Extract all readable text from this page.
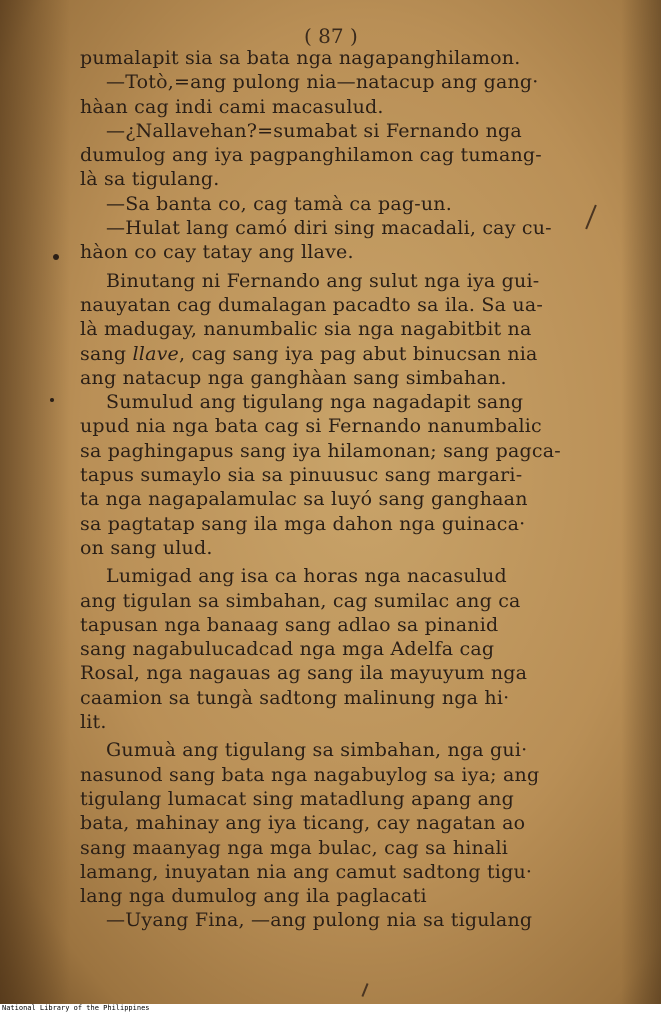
( 87 )

pumalapit sia sa bata nga nagapanghilamon.

—Totò,=ang pulong nia—natacup ang gang·

hàan cag indi cami macasulud.

—¿Nallavehan?=sumabat si Fernando nga

dumulog ang iya pagpanghilamon cag tumang-

là sa tigulang.

—Sa banta co, cag tamà ca pag-un.

—Hulat lang camó diri sing macadali, cay cu-

hàon co cay tatay ang llave.

Binutang ni Fernando ang sulut nga iya gui-

nauyatan cag dumalagan pacadto sa ila. Sa ua-

là madugay, nanumbalic sia nga nagabitbit na

sang llave, cag sang iya pag abut binucsan nia

ang natacup nga ganghàan sang simbahan.

Sumulud ang tigulang nga nagadapit sang

upud nia nga bata cag si Fernando nanumbalic

sa paghingapus sang iya hilamonan; sang pagca-

tapus sumaylo sia sa pinuusuc sang margari-

ta nga nagapalamulac sa luyó sang ganghaan

sa pagtatap sang ila mga dahon nga guinaca·

on sang ulud.

Lumigad ang isa ca horas nga nacasulud

ang tigulan sa simbahan, cag sumilac ang ca

tapusan nga banaag sang adlao sa pinanid

sang nagabulucadcad nga mga Adelfa cag

Rosal, nga nagauas ag sang ila mayuyum nga

caamion sa tungà sadtong malinung nga hi·

lit.

Gumuà ang tigulang sa simbahan, nga gui·

nasunod sang bata nga nagabuylog sa iya; ang

tigulang lumacat sing matadlung apang ang

bata, mahinay ang iya ticang, cay nagatan ao

sang maanyag nga mga bulac, cag sa hinali

lamang, inuyatan nia ang camut sadtong tigu·

lang nga dumulog ang ila paglacati

—Uyang Fina, —ang pulong nia sa tigulang

National Library of the Philippines
